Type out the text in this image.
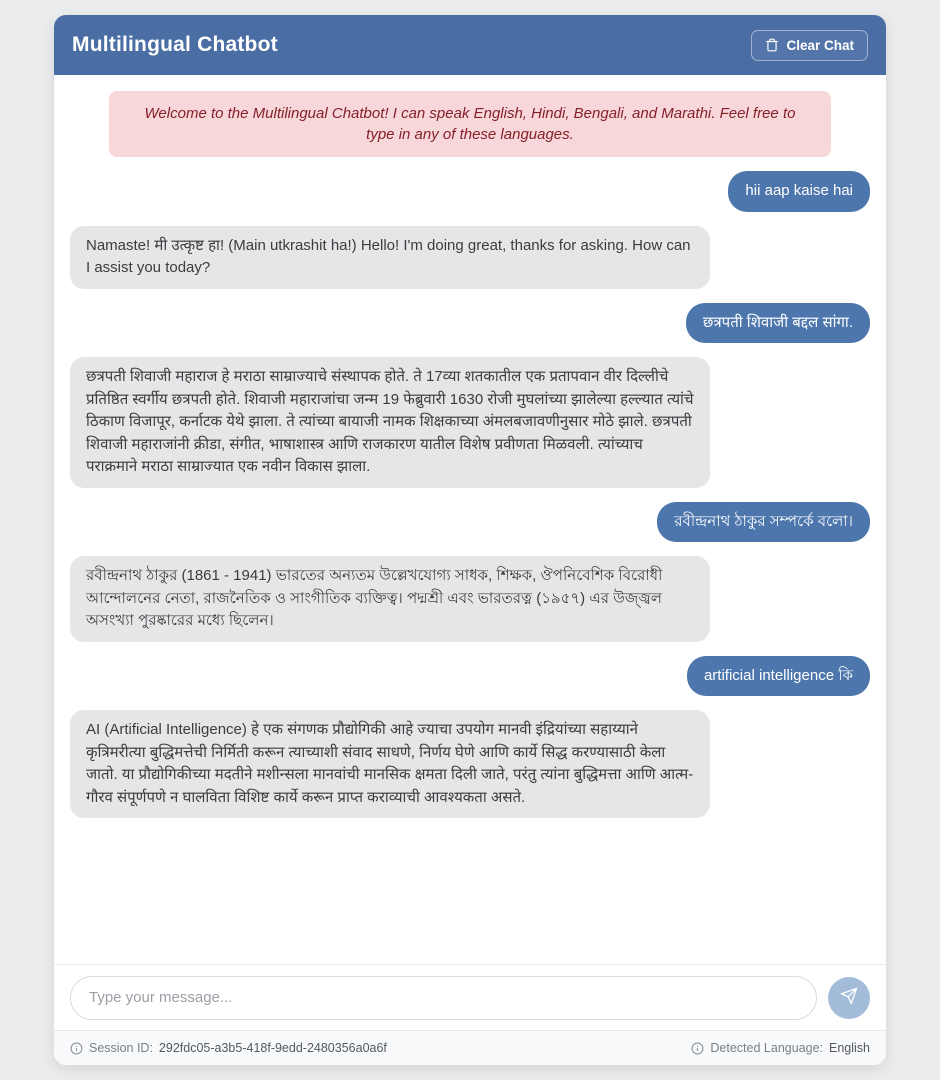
Multilingual Chatbot	Clear Chat
Welcome to the Multilingual Chatbot! I can speak English, Hindi, Bengali, and Marathi. Feel free to type in any of these languages.
hii aap kaise hai
Namaste! मी उत्कृष्ट हा! (Main utkrashit ha!) Hello! I'm doing great, thanks for asking. How can I assist you today?
छत्रपती शिवाजी बद्दल सांगा.
छत्रपती शिवाजी महाराज हे मराठा साम्राज्याचे संस्थापक होते. ते 17व्या शतकातील एक प्रतापवान वीर दिल्लीचे प्रतिष्ठित स्वर्गीय छत्रपती होते. शिवाजी महाराजांचा जन्म 19 फेब्रुवारी 1630 रोजी मुघलांच्या झालेल्या हल्ल्यात त्यांचे ठिकाण विजापूर, कर्नाटक येथे झाला. ते त्यांच्या बायाजी नामक शिक्षकाच्या अंमलबजावणीनुसार मोठे झाले. छत्रपती शिवाजी महाराजांनी क्रीडा, संगीत, भाषाशास्त्र आणि राजकारण यातील विशेष प्रवीणता मिळवली. त्यांच्याच पराक्रमाने मराठा साम्राज्यात एक नवीन विकास झाला.
রবীন্দ্রনাথ ঠাকুর সম্পর্কে বলো।
রবীন্দ্রনাথ ঠাকুর (1861 - 1941) ভারতের অন্যতম উল্লেখযোগ্য সাধক, শিক্ষক, ঔপনিবেশিক বিরোধী আন্দোলনের নেতা, রাজনৈতিক ও সাংগীতিক ব্যক্তিত্ব। পদ্মশ্রী এবং ভারতরত্ন (১৯৫৭) এর উজ্জ্বল অসংখ্যা পুরষ্কারের মধ্যে ছিলেন।
artificial intelligence কি
AI (Artificial Intelligence) हे एक संगणक प्रौद्योगिकी आहे ज्याचा उपयोग मानवी इंद्रियांच्या सहाय्याने कृत्रिमरीत्या बुद्धिमत्तेची निर्मिती करून त्याच्याशी संवाद साधणे, निर्णय घेणे आणि कार्ये सिद्ध करण्यासाठी केला जातो. या प्रौद्योगिकीच्या मदतीने मशीन्सला मानवांची मानसिक क्षमता दिली जाते, परंतु त्यांना बुद्धिमत्ता आणि आत्म-गौरव संपूर्णपणे न घालविता विशिष्ट कार्ये करून प्राप्त कराव्याची आवश्यकता असते.
Type your message...
Session ID: 292fdc05-a3b5-418f-9edd-2480356a0a6f	Detected Language: English
